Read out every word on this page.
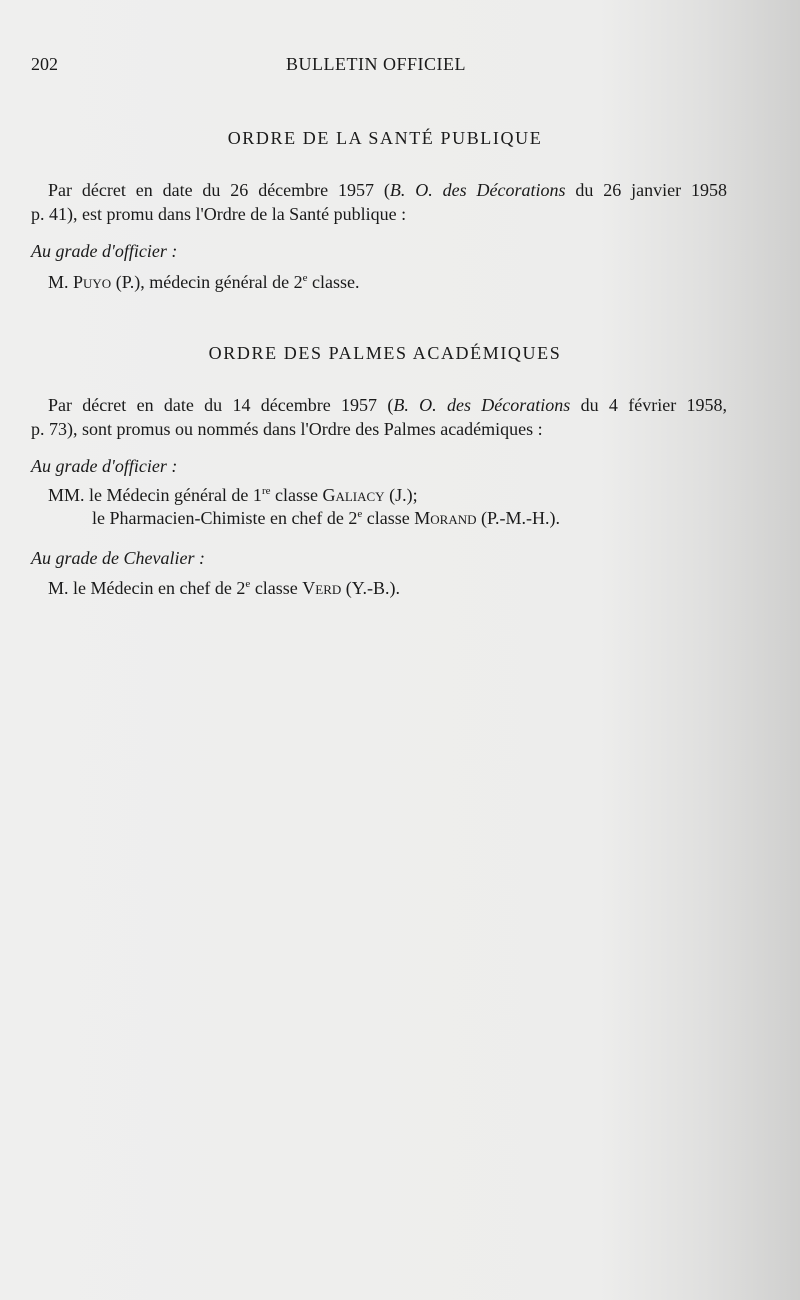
202	BULLETIN OFFICIEL
ORDRE DE LA SANTÉ PUBLIQUE
Par décret en date du 26 décembre 1957 (B. O. des Décorations du 26 janvier 1958
p. 41), est promu dans l'Ordre de la Santé publique :
Au grade d'officier :
M. Puyo (P.), médecin général de 2e classe.
ORDRE DES PALMES ACADÉMIQUES
Par décret en date du 14 décembre 1957 (B. O. des Décorations du 4 février 1958,
p. 73), sont promus ou nommés dans l'Ordre des Palmes académiques :
Au grade d'officier :
MM. le Médecin général de 1re classe Galiacy (J.);
le Pharmacien-Chimiste en chef de 2e classe Morand (P.-M.-H.).
Au grade de Chevalier :
M. le Médecin en chef de 2e classe Verd (Y.-B.).
